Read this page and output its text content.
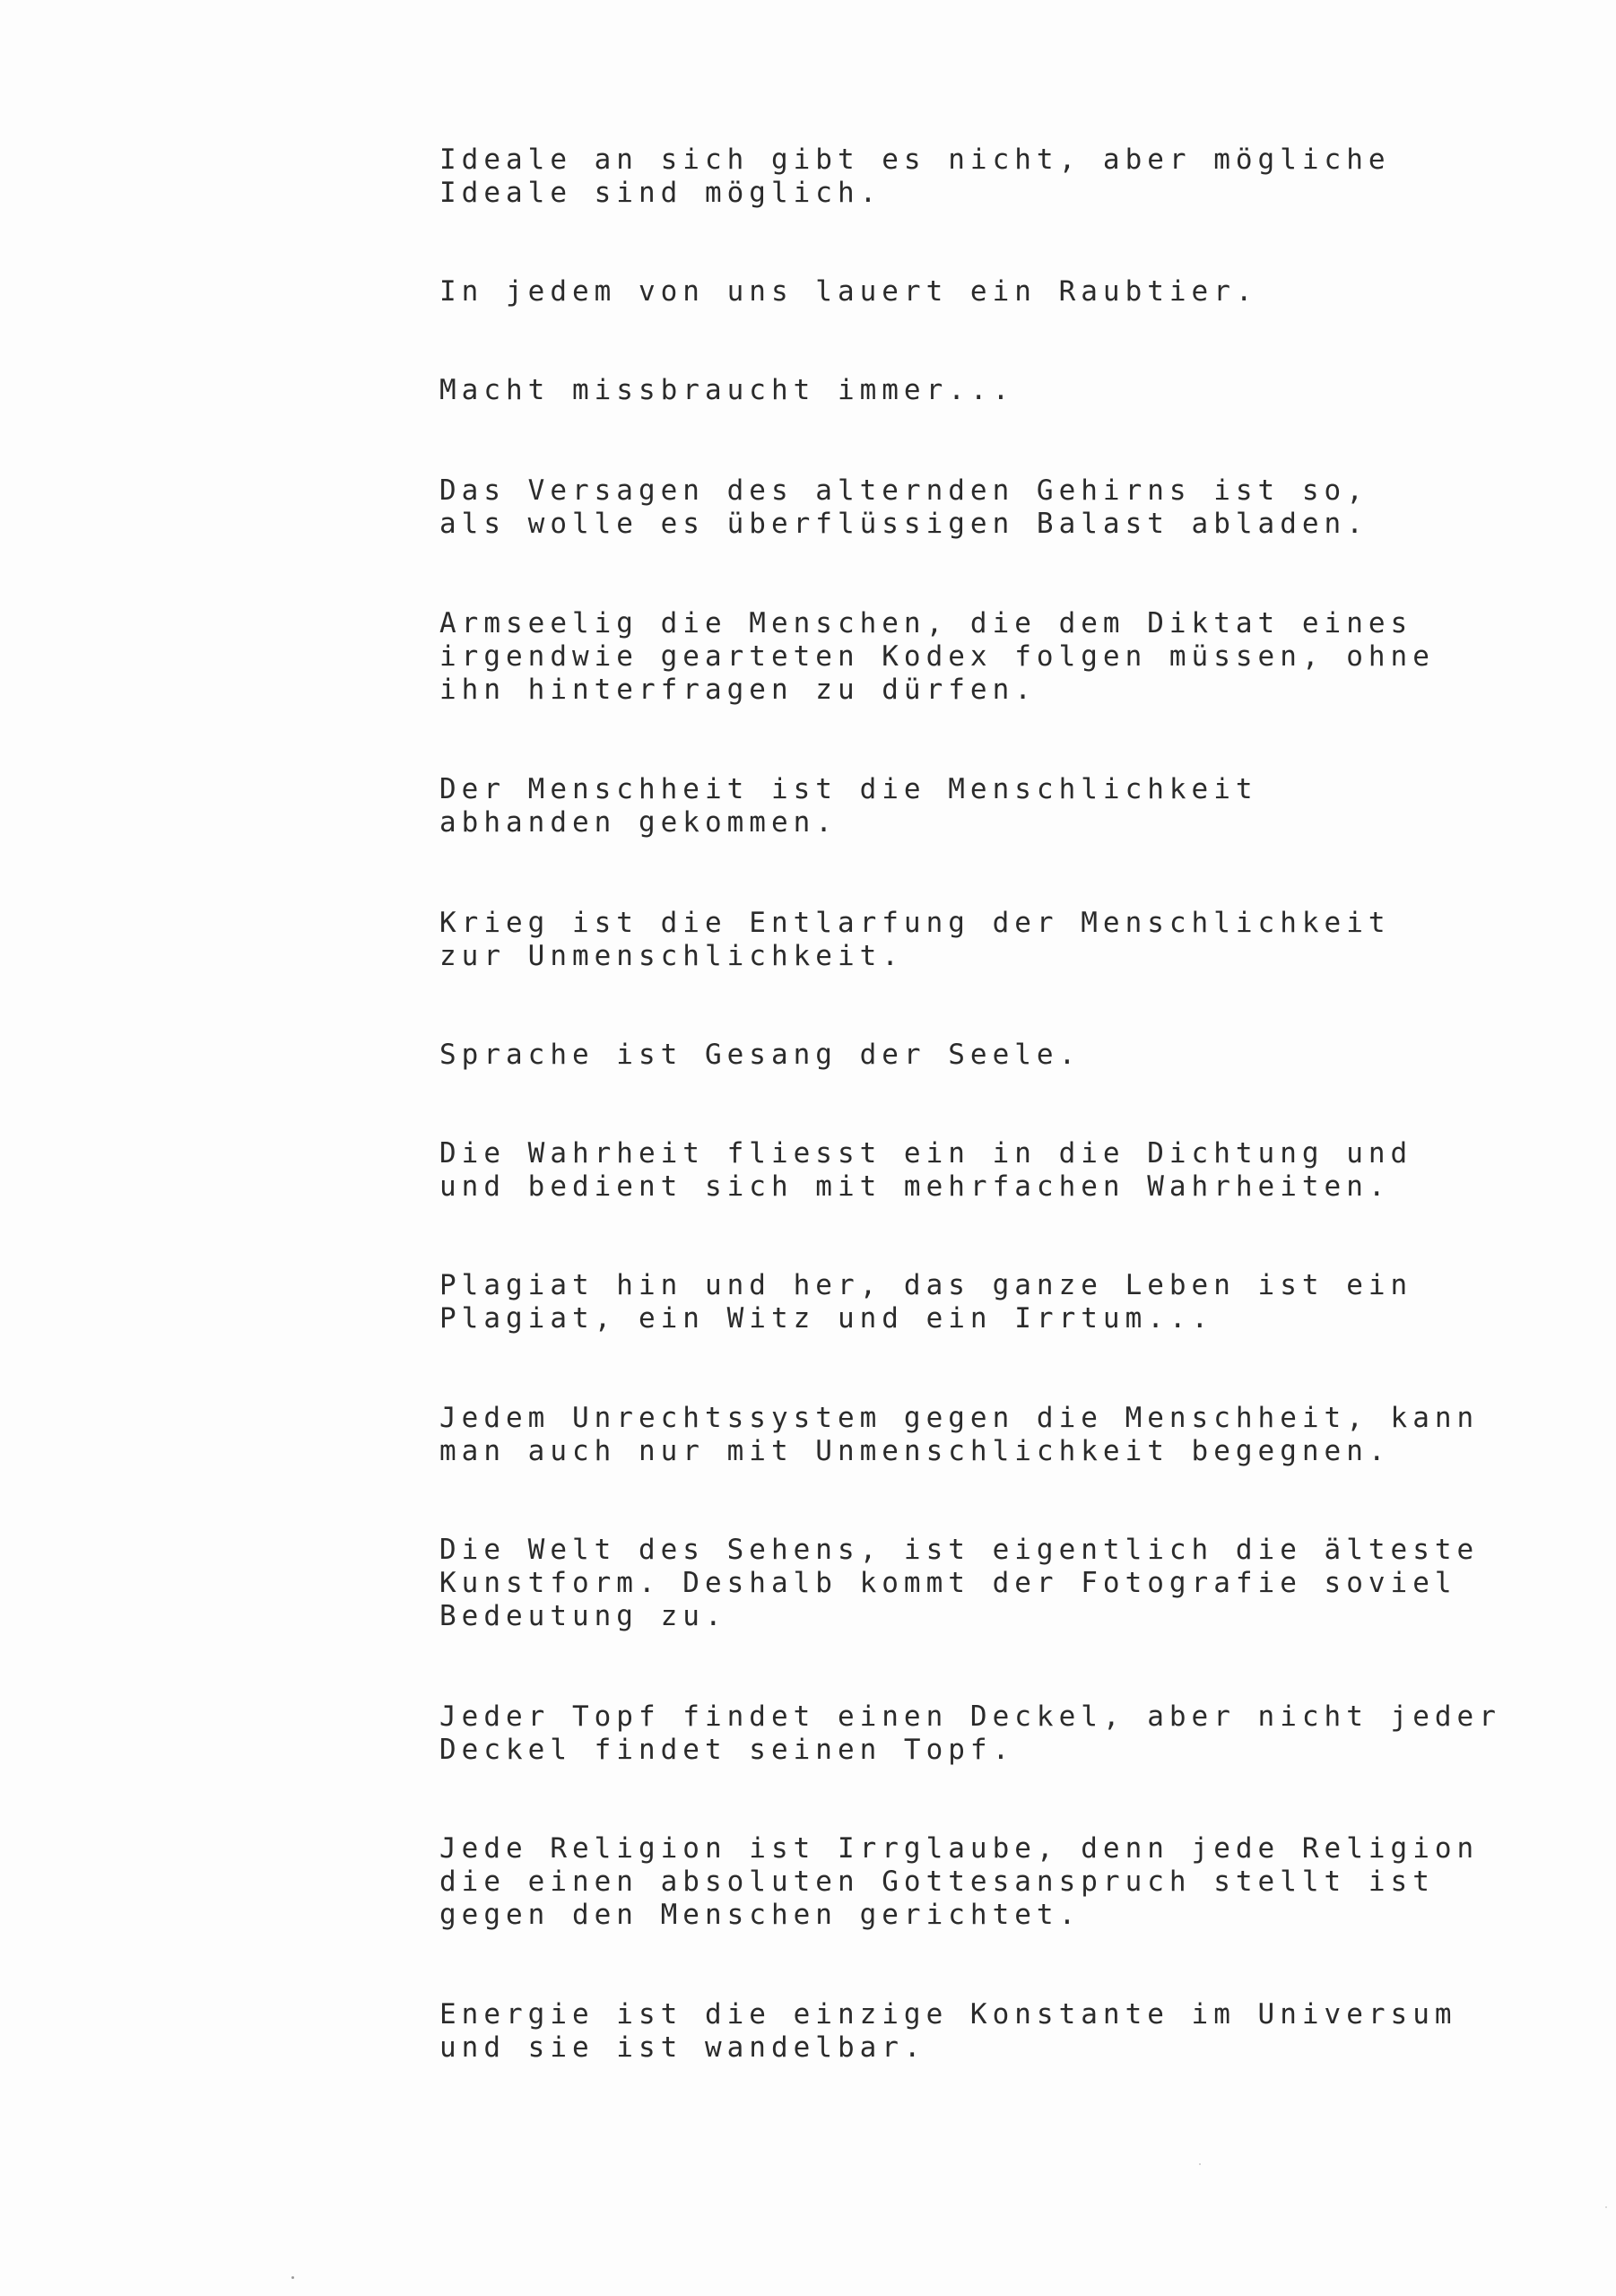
Ideale an sich gibt es nicht, aber mögliche
Ideale sind möglich.

In jedem von uns lauert ein Raubtier.

Macht missbraucht immer...

Das Versagen des alternden Gehirns ist so,
als wolle es überflüssigen Balast abladen.

Armseelig die Menschen, die dem Diktat eines
irgendwie gearteten Kodex folgen müssen, ohne
ihn hinterfragen zu dürfen.

Der Menschheit ist die Menschlichkeit
abhanden gekommen.

Krieg ist die Entlarfung der Menschlichkeit
zur Unmenschlichkeit.

Sprache ist Gesang der Seele.

Die Wahrheit fliesst ein in die Dichtung und
und bedient sich mit mehrfachen Wahrheiten.

Plagiat hin und her, das ganze Leben ist ein
Plagiat, ein Witz und ein Irrtum...

Jedem Unrechtssystem gegen die Menschheit, kann
man auch nur mit Unmenschlichkeit begegnen.

Die Welt des Sehens, ist eigentlich die älteste
Kunstform. Deshalb kommt der Fotografie soviel
Bedeutung zu.

Jeder Topf findet einen Deckel, aber nicht jeder
Deckel findet seinen Topf.

Jede Religion ist Irrglaube, denn jede Religion
die einen absoluten Gottesanspruch stellt ist
gegen den Menschen gerichtet.

Energie ist die einzige Konstante im Universum
und sie ist wandelbar.
